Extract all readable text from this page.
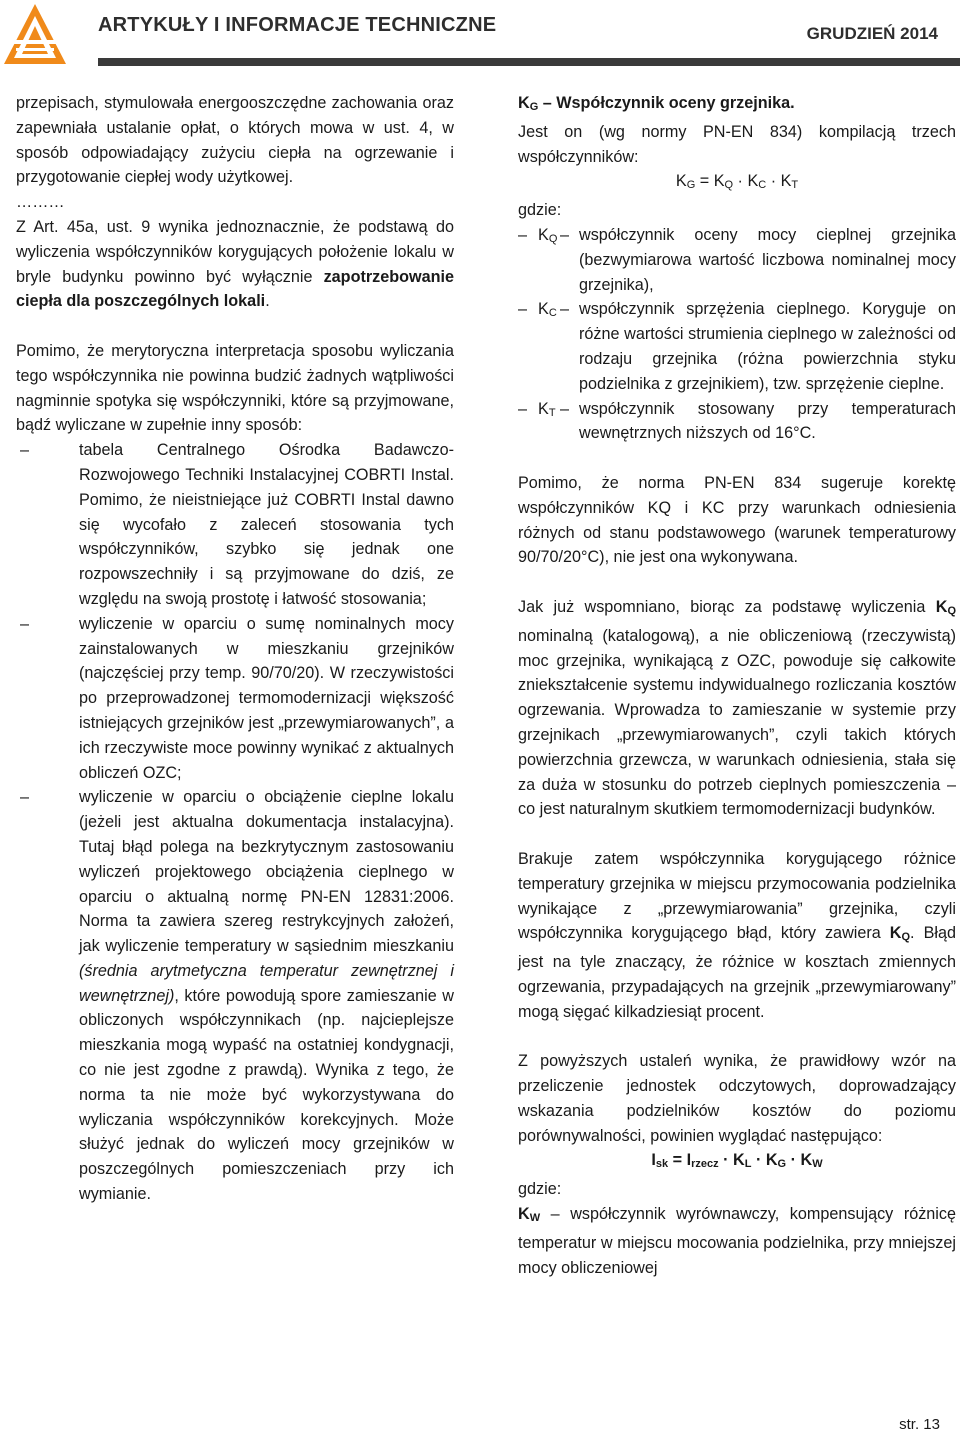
ARTYKUŁY I INFORMACJE TECHNICZNE	GRUDZIEŃ 2014

przepisach, stymulowała energooszczędne zachowania oraz zapewniała ustalanie opłat, o których mowa w ust. 4, w sposób odpowiadający zużyciu ciepła na ogrzewanie i przygotowanie ciepłej wody użytkowej.

………

Z Art. 45a, ust. 9 wynika jednoznacznie, że podstawą do wyliczenia współczynników korygujących położenie lokalu w bryle budynku powinno być wyłącznie zapotrzebowanie ciepła dla poszczególnych lokali.

Pomimo, że merytoryczna interpretacja sposobu wyliczania tego współczynnika nie powinna budzić żadnych wątpliwości nagminnie spotyka się współczynniki, które są przyjmowane, bądź wyliczane w zupełnie inny sposób:

–	tabela Centralnego Ośrodka Badawczo-Rozwojowego Techniki Instalacyjnej COBRTI Instal. Pomimo, że nieistniejące już COBRTI Instal dawno się wycofało z zaleceń stosowania tych współczynników, szybko się jednak one rozpowszechniły i są przyjmowane do dziś, ze względu na swoją prostotę i łatwość stosowania;
–	wyliczenie w oparciu o sumę nominalnych mocy zainstalowanych w mieszkaniu grzejników (najczęściej przy temp. 90/70/20). W rzeczywistości po przeprowadzonej termomodernizacji większość istniejących grzejników jest „przewymiarowanych”, a ich rzeczywiste moce powinny wynikać z aktualnych obliczeń OZC;
–	wyliczenie w oparciu o obciążenie cieplne lokalu (jeżeli jest aktualna dokumentacja instalacyjna). Tutaj błąd polega na bezkrytycznym zastosowaniu wyliczeń projektowego obciążenia cieplnego w oparciu o aktualną normę PN-EN 12831:2006. Norma ta zawiera szereg restrykcyjnych założeń, jak wyliczenie temperatury w sąsiednim mieszkaniu (średnia arytmetyczna temperatur zewnętrznej i wewnętrznej), które powodują spore zamieszanie w obliczonych współczynnikach (np. najcieplejsze mieszkania mogą wypaść na ostatniej kondygnacji, co nie jest zgodne z prawdą). Wynika z tego, że norma ta nie może być wykorzystywana do wyliczania współczynników korekcyjnych. Może służyć jednak do wyliczeń mocy grzejników w poszczególnych pomieszczeniach przy ich wymianie.

$K_G$ – Współczynnik oceny grzejnika.

Jest on (wg normy PN-EN 834) kompilacją trzech współczynników:

$K_G = K_Q \cdot K_C \cdot K_T$

gdzie:

– $K_Q$ – współczynnik oceny mocy cieplnej grzejnika (bezwymiarowa wartość liczbowa nominalnej mocy grzejnika),
– $K_C$ – współczynnik sprzężenia cieplnego. Koryguje on różne wartości strumienia cieplnego w zależności od rodzaju grzejnika (różna powierzchnia styku podzielnika z grzejnikiem), tzw. sprzężenie cieplne.
– $K_T$ – współczynnik stosowany przy temperaturach wewnętrznych niższych od 16°C.

Pomimo, że norma PN-EN 834 sugeruje korektę współczynników KQ i KC przy warunkach odniesienia różnych od stanu podstawowego (warunek temperaturowy 90/70/20°C), nie jest ona wykonywana.

Jak już wspomniano, biorąc za podstawę wyliczenia $K_Q$ nominalną (katalogową), a nie obliczeniową (rzeczywistą) moc grzejnika, wynikającą z OZC, powoduje się całkowite zniekształcenie systemu indywidualnego rozliczania kosztów ogrzewania. Wprowadza to zamieszanie w systemie przy grzejnikach „przewymiarowanych”, czyli takich których powierzchnia grzewcza, w warunkach odniesienia, stała się za duża w stosunku do potrzeb cieplnych pomieszczenia – co jest naturalnym skutkiem termomodernizacji budynków.

Brakuje zatem współczynnika korygującego różnice temperatury grzejnika w miejscu przymocowania podzielnika wynikające z „przewymiarowania” grzejnika, czyli współczynnika korygującego błąd, który zawiera $K_Q$. Błąd jest na tyle znaczący, że różnice w kosztach zmiennych ogrzewania, przypadających na grzejnik „przewymiarowany” mogą sięgać kilkadziesiąt procent.

Z powyższych ustaleń wynika, że prawidłowy wzór na przeliczenie jednostek odczytowych, doprowadzający wskazania podzielników kosztów do poziomu porównywalności, powinien wyglądać następująco:

$I_{sk} = I_{rzecz} \cdot K_L \cdot K_G \cdot K_W$

gdzie:

$K_W$ – współczynnik wyrównawczy, kompensujący różnicę temperatur w miejscu mocowania podzielnika, przy mniejszej mocy obliczeniowej

str. 13
